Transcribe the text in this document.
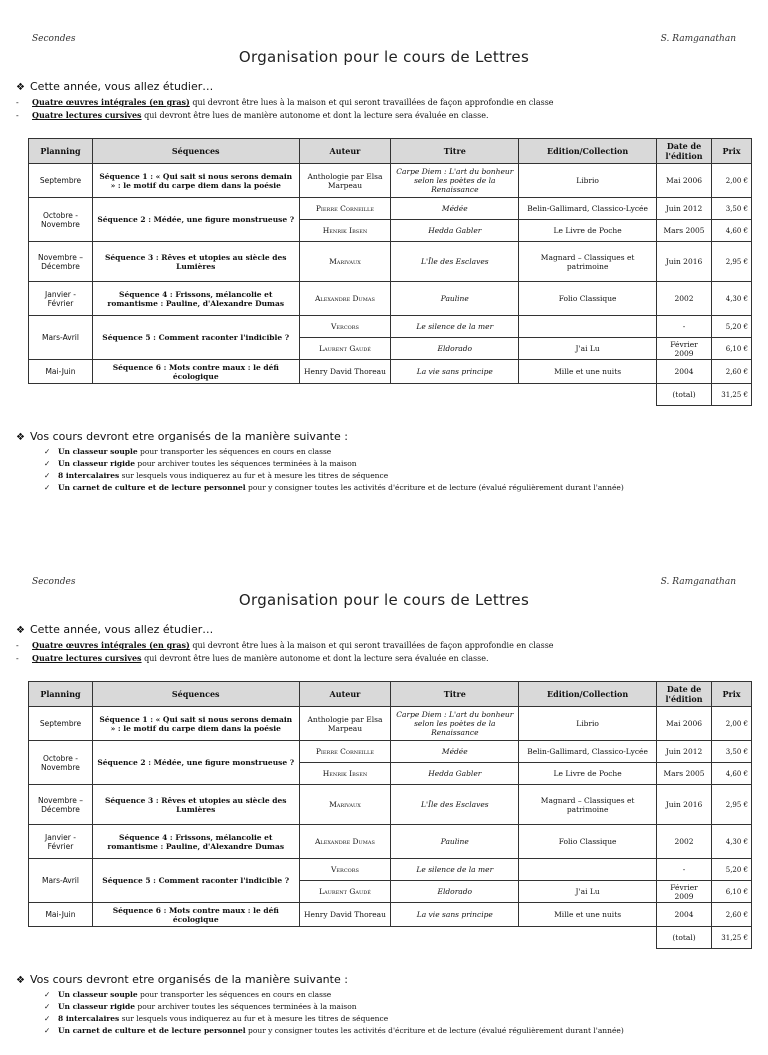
Secondes	S. Ramganathan
Organisation pour le cours de Lettres
❖ Cette année, vous allez étudier…
- Quatre œuvres intégrales (en gras) qui devront être lues à la maison et qui seront travaillées de façon approfondie en classe
- Quatre lectures cursives qui devront être lues de manière autonome et dont la lecture sera évaluée en classe.
Planning	Séquences	Auteur	Titre	Edition/Collection	Date de l'édition	Prix
Septembre	Séquence 1 : « Qui sait si nous serons demain » : le motif du carpe diem dans la poésie	Anthologie par Elsa Marpeau	Carpe Diem : L'art du bonheur selon les poètes de la Renaissance	Librio	Mai 2006	2,00 €
Octobre - Novembre	Séquence 2 : Médée, une figure monstrueuse ?	Pierre Corneille	Médée	Belin-Gallimard, Classico-Lycée	Juin 2012	3,50 €
		Henrik Ibsen	Hedda Gabler	Le Livre de Poche	Mars 2005	4,60 €
Novembre – Décembre	Séquence 3 : Rêves et utopies au siècle des Lumières	Marivaux	L'Île des Esclaves	Magnard – Classiques et patrimoine	Juin 2016	2,95 €
Janvier - Février	Séquence 4 : Frissons, mélancolie et romantisme : Pauline, d'Alexandre Dumas	Alexandre Dumas	Pauline	Folio Classique	2002	4,30 €
Mars-Avril	Séquence 5 : Comment raconter l'indicible ?	Vercors	Le silence de la mer		-	5,20 €
		Laurent Gaudé	Eldorado	J'ai Lu	Février 2009	6,10 €
Mai-Juin	Séquence 6 : Mots contre maux : le défi écologique	Henry David Thoreau	La vie sans principe	Mille et une nuits	2004	2,60 €
					(total)	31,25 €
❖ Vos cours devront etre organisés de la manière suivante :
✓ Un classeur souple pour transporter les séquences en cours en classe
✓ Un classeur rigide pour archiver toutes les séquences terminées à la maison
✓ 8 intercalaires sur lesquels vous indiquerez au fur et à mesure les titres de séquence
✓ Un carnet de culture et de lecture personnel pour y consigner toutes les activités d'écriture et de lecture (évalué régulièrement durant l'année)
Secondes	S. Ramganathan
Organisation pour le cours de Lettres
❖ Cette année, vous allez étudier…
- Quatre œuvres intégrales (en gras) qui devront être lues à la maison et qui seront travaillées de façon approfondie en classe
- Quatre lectures cursives qui devront être lues de manière autonome et dont la lecture sera évaluée en classe.
Planning	Séquences	Auteur	Titre	Edition/Collection	Date de l'édition	Prix
Septembre	Séquence 1 : « Qui sait si nous serons demain » : le motif du carpe diem dans la poésie	Anthologie par Elsa Marpeau	Carpe Diem : L'art du bonheur selon les poètes de la Renaissance	Librio	Mai 2006	2,00 €
Octobre - Novembre	Séquence 2 : Médée, une figure monstrueuse ?	Pierre Corneille	Médée	Belin-Gallimard, Classico-Lycée	Juin 2012	3,50 €
		Henrik Ibsen	Hedda Gabler	Le Livre de Poche	Mars 2005	4,60 €
Novembre – Décembre	Séquence 3 : Rêves et utopies au siècle des Lumières	Marivaux	L'Île des Esclaves	Magnard – Classiques et patrimoine	Juin 2016	2,95 €
Janvier - Février	Séquence 4 : Frissons, mélancolie et romantisme : Pauline, d'Alexandre Dumas	Alexandre Dumas	Pauline	Folio Classique	2002	4,30 €
Mars-Avril	Séquence 5 : Comment raconter l'indicible ?	Vercors	Le silence de la mer		-	5,20 €
		Laurent Gaudé	Eldorado	J'ai Lu	Février 2009	6,10 €
Mai-Juin	Séquence 6 : Mots contre maux : le défi écologique	Henry David Thoreau	La vie sans principe	Mille et une nuits	2004	2,60 €
					(total)	31,25 €
❖ Vos cours devront etre organisés de la manière suivante :
✓ Un classeur souple pour transporter les séquences en cours en classe
✓ Un classeur rigide pour archiver toutes les séquences terminées à la maison
✓ 8 intercalaires sur lesquels vous indiquerez au fur et à mesure les titres de séquence
✓ Un carnet de culture et de lecture personnel pour y consigner toutes les activités d'écriture et de lecture (évalué régulièrement durant l'année)
